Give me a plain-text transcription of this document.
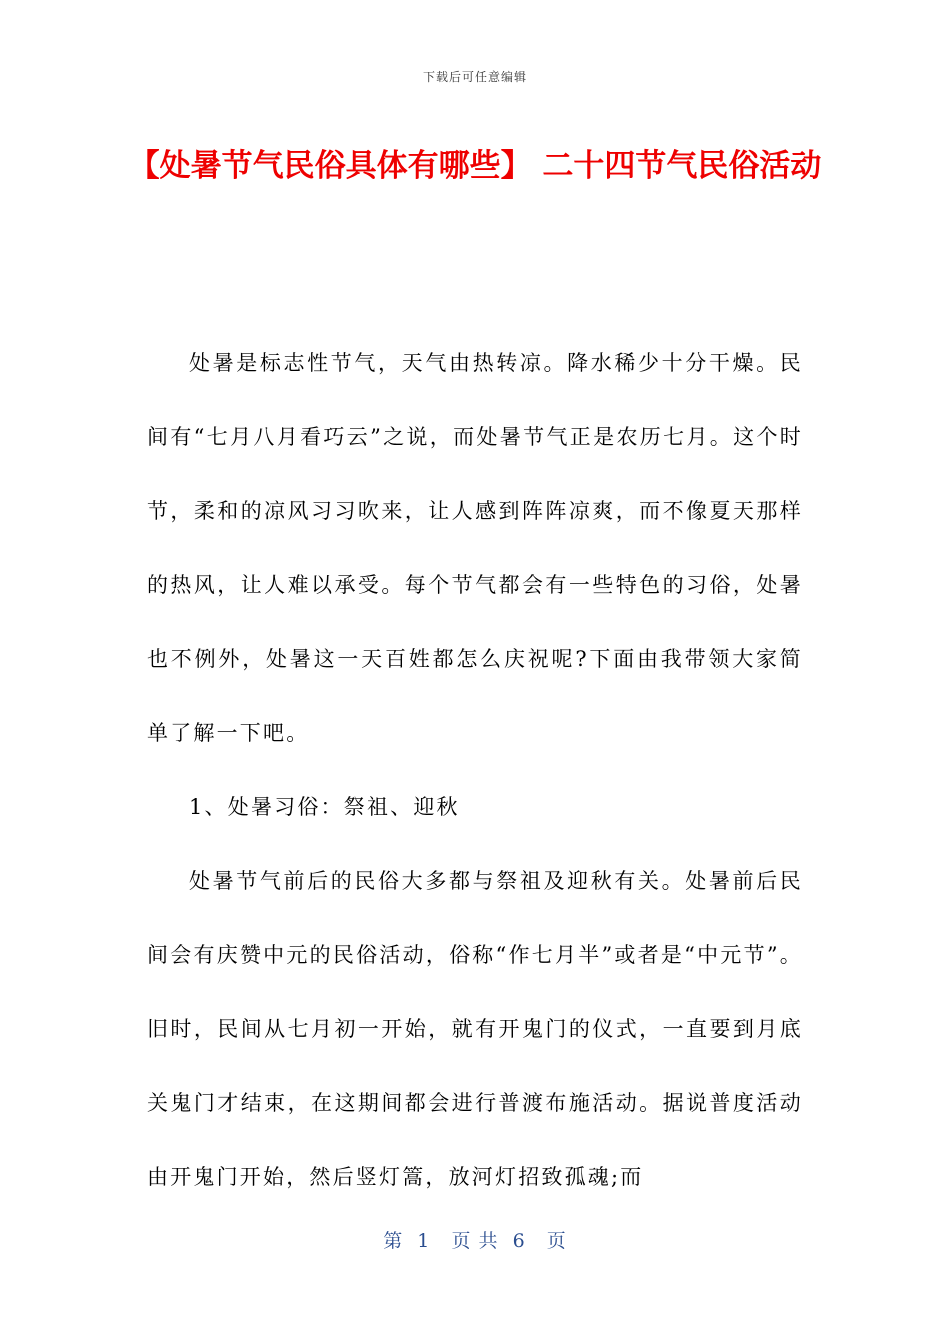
下载后可任意编辑
【处暑节气民俗具体有哪些】 二十四节气民俗活动

处暑是标志性节气，天气由热转凉。降水稀少十分干燥。民间有“七月八月看巧云”之说，而处暑节气正是农历七月。这个时节，柔和的凉风习习吹来，让人感到阵阵凉爽，而不像夏天那样的热风，让人难以承受。每个节气都会有一些特色的习俗，处暑也不例外，处暑这一天百姓都怎么庆祝呢?下面由我带领大家简单了解一下吧。

1、处暑习俗：祭祖、迎秋

处暑节气前后的民俗大多都与祭祖及迎秋有关。处暑前后民间会有庆赞中元的民俗活动，俗称“作七月半”或者是“中元节”。旧时，民间从七月初一开始，就有开鬼门的仪式，一直要到月底关鬼门才结束，在这期间都会进行普渡布施活动。据说普度活动由开鬼门开始，然后竖灯篙，放河灯招致孤魂;而

第  1   页 共  6   页
